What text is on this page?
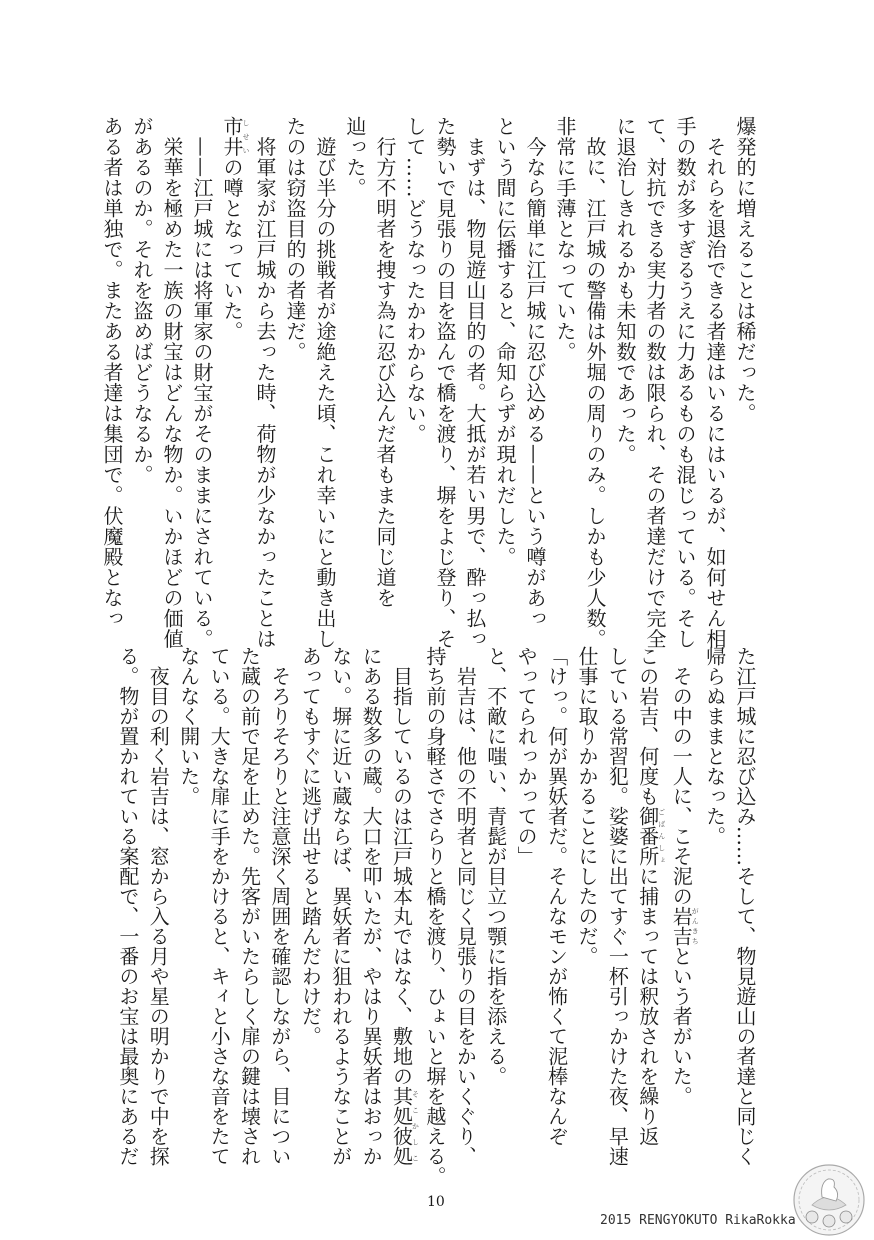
爆発的に増えることは稀だった。
　それらを退治できる者達はいるにはいるが、如何せん相
手の数が多すぎるうえに力あるものも混じっている。そし
て、対抗できる実力者の数は限られ、その者達だけで完全
に退治しきれるかも未知数であった。
　故に、江戸城の警備は外堀の周りのみ。しかも少人数。
非常に手薄となっていた。
　今なら簡単に江戸城に忍び込める——という噂があっ
という間に伝播すると、命知らずが現れだした。
　まずは、物見遊山目的の者。大抵が若い男で、酔っ払っ
た勢いで見張りの目を盗んで橋を渡り、塀をよじ登り、そ
して……どうなったかわからない。
　行方不明者を捜す為に忍び込んだ者もまた同じ道を
辿った。
　遊び半分の挑戦者が途絶えた頃、これ幸いにと動き出し
たのは窃盗目的の者達だ。
　将軍家が江戸城から去った時、荷物が少なかったことは
市井しせいの噂となっていた。
　——江戸城には将軍家の財宝がそのままにされている。
　栄華を極めた一族の財宝はどんな物か。いかほどの価値
があるのか。それを盗めばどうなるか。
ある者は単独で。またある者達は集団で。伏魔殿となっ
た江戸城に忍び込み……そして、物見遊山の者達と同じく
帰らぬままとなった。
　その中の一人に、こそ泥の岩吉がんきちという者がいた。
この岩吉、何度も御番所ごばんしょに捕まっては釈放されを繰り返
している常習犯。娑婆に出てすぐ一杯引っかけた夜、早速
仕事に取りかかることにしたのだ。
「けっ。何が異妖者だ。そんなモンが怖くて泥棒なんぞ
やってられっかっての」
と、不敵に嗤い、青髭が目立つ顎に指を添える。
　岩吉は、他の不明者と同じく見張りの目をかいくぐり、
持ち前の身軽さでさらりと橋を渡り、ひょいと塀を越える。
　目指しているのは江戸城本丸ではなく、敷地の其処彼処そこかしこ
にある数多の蔵。大口を叩いたが、やはり異妖者はおっか
ない。塀に近い蔵ならば、異妖者に狙われるようなことが
あってもすぐに逃げ出せると踏んだわけだ。
　そろりそろりと注意深く周囲を確認しながら、目につい
た蔵の前で足を止めた。先客がいたらしく扉の鍵は壊され
ている。大きな扉に手をかけると、キィと小さな音をたて
なんなく開いた。
　夜目の利く岩吉は、窓から入る月や星の明かりで中を探
る。物が置かれている案配で、一番のお宝は最奥にあるだ
10
2015 RENGYOKUTO RikaRokka
